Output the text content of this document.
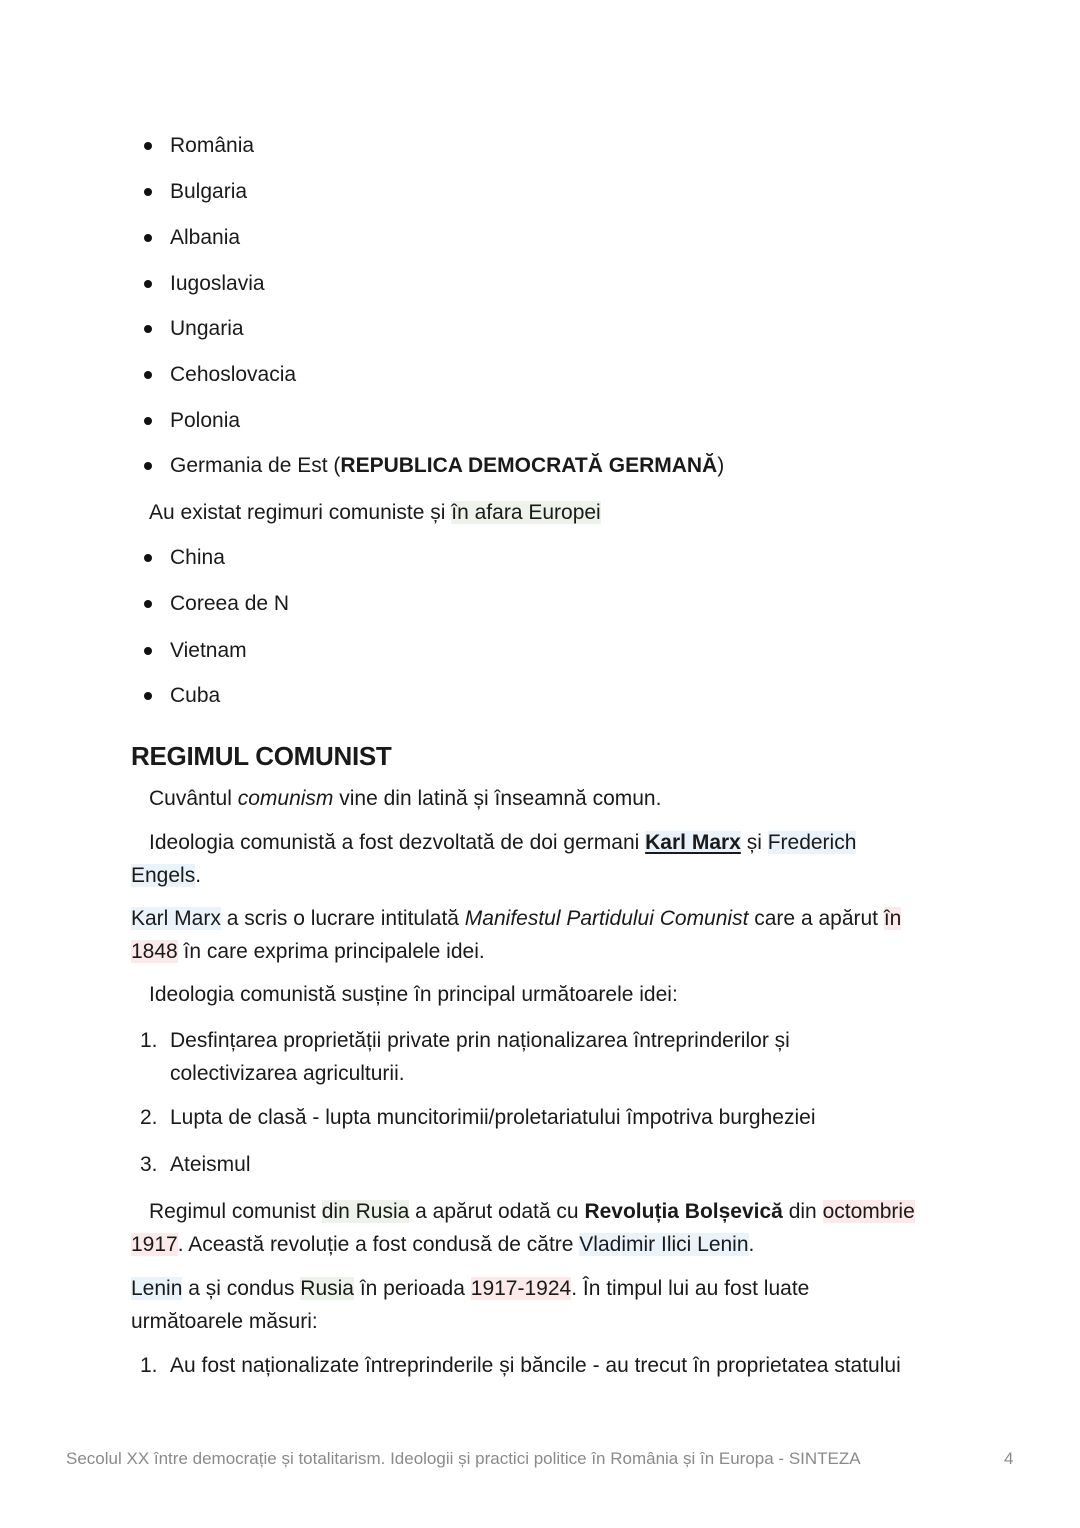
România
Bulgaria
Albania
Iugoslavia
Ungaria
Cehoslovacia
Polonia
Germania de Est (REPUBLICA DEMOCRATĂ GERMANĂ)
Au existat regimuri comuniste și în afara Europei
China
Coreea de N
Vietnam
Cuba
REGIMUL COMUNIST
Cuvântul comunism vine din latină și înseamnă comun.
Ideologia comunistă a fost dezvoltată de doi germani Karl Marx și Frederich
Engels.
Karl Marx a scris o lucrare intitulată Manifestul Partidului Comunist care a apărut în
1848 în care exprima principalele idei.
Ideologia comunistă susține în principal următoarele idei:
1. Desfințarea proprietății private prin naționalizarea întreprinderilor și
colectivizarea agriculturii.
2. Lupta de clasă - lupta muncitorimii/proletariatului împotriva burgheziei
3. Ateismul
Regimul comunist din Rusia a apărut odată cu Revoluția Bolșevică din octombrie
1917. Această revoluție a fost condusă de către Vladimir Ilici Lenin.
Lenin a și condus Rusia în perioada 1917-1924. În timpul lui au fost luate
următoarele măsuri:
1. Au fost naționalizate întreprinderile și băncile - au trecut în proprietatea statului
Secolul XX între democrație și totalitarism. Ideologii și practici politice în România și în Europa - SINTEZA	4
